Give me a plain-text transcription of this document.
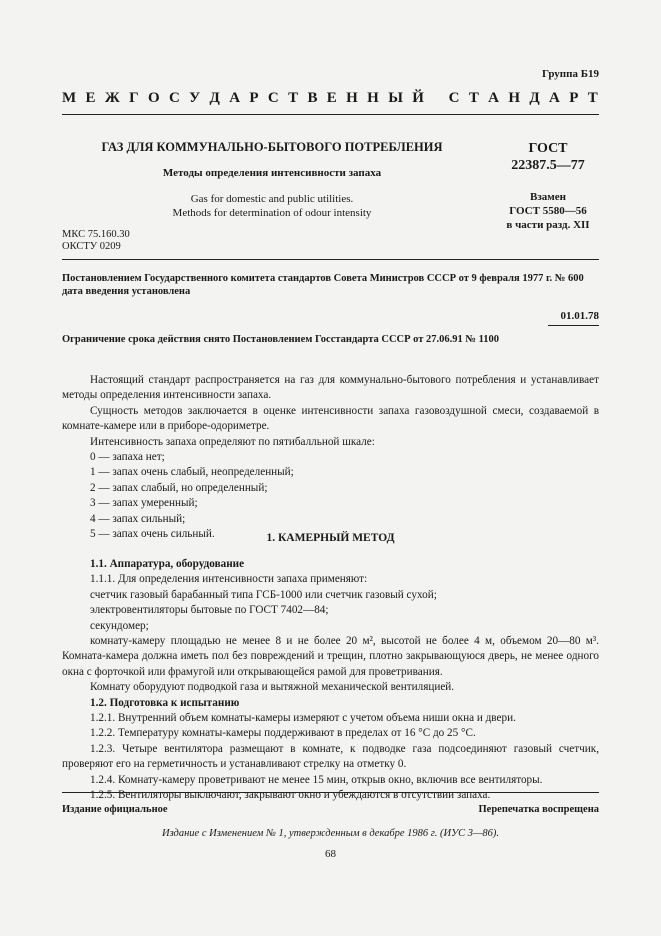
Группа Б19
М Е Ж Г О С У Д А Р С Т В Е Н Н Ы Й С Т А Н Д А Р Т
ГАЗ ДЛЯ КОММУНАЛЬНО-БЫТОВОГО ПОТРЕБЛЕНИЯ
Методы определения интенсивности запаха
Gas for domestic and public utilities.
Methods for determination of odour intensity
ГОСТ
22387.5—77
Взамен
ГОСТ 5580—56
в части разд. XII
МКС 75.160.30
ОКСТУ 0209
Постановлением Государственного комитета стандартов Совета Министров СССР от 9 февраля 1977 г. № 600
дата введения установлена
01.01.78
Ограничение срока действия снято Постановлением Госстандарта СССР от 27.06.91 № 1100

Настоящий стандарт распространяется на газ для коммунально-бытового потребления и устанавливает методы определения интенсивности запаха.

Сущность методов заключается в оценке интенсивности запаха газовоздушной смеси, создаваемой в комнате-камере или в приборе-одориметре.

Интенсивность запаха определяют по пятибалльной шкале:

0 — запаха нет;

1 — запах очень слабый, неопределенный;

2 — запах слабый, но определенный;

3 — запах умеренный;

4 — запах сильный;

5 — запах очень сильный.	1. КАМЕРНЫЙ МЕТОД

1.1. Аппаратура, оборудование

1.1.1. Для определения интенсивности запаха применяют:

счетчик газовый барабанный типа ГСБ-1000 или счетчик газовый сухой;

электровентиляторы бытовые по ГОСТ 7402—84;

секундомер;

комнату-камеру площадью не менее 8 и не более 20 м², высотой не более 4 м, объемом 20—80 м³. Комната-камера должна иметь пол без повреждений и трещин, плотно закрывающуюся дверь, не менее одного окна с форточкой или фрамугой или открывающейся рамой для проветривания.

Комнату оборудуют подводкой газа и вытяжной механической вентиляцией.

1.2. Подготовка к испытанию

1.2.1. Внутренний объем комнаты-камеры измеряют с учетом объема ниши окна и двери.

1.2.2. Температуру комнаты-камеры поддерживают в пределах от 16 °С до 25 °С.

1.2.3. Четыре вентилятора размещают в комнате, к подводке газа подсоединяют газовый счетчик, проверяют его на герметичность и устанавливают стрелку на отметку 0.

1.2.4. Комнату-камеру проветривают не менее 15 мин, открыв окно, включив все вентиляторы.

1.2.5. Вентиляторы выключают, закрывают окно и убеждаются в отсутствии запаха.

Издание официальное	Перепечатка воспрещена
Издание с Изменением № 1, утвержденным в декабре 1986 г. (ИУС 3—86).
68
